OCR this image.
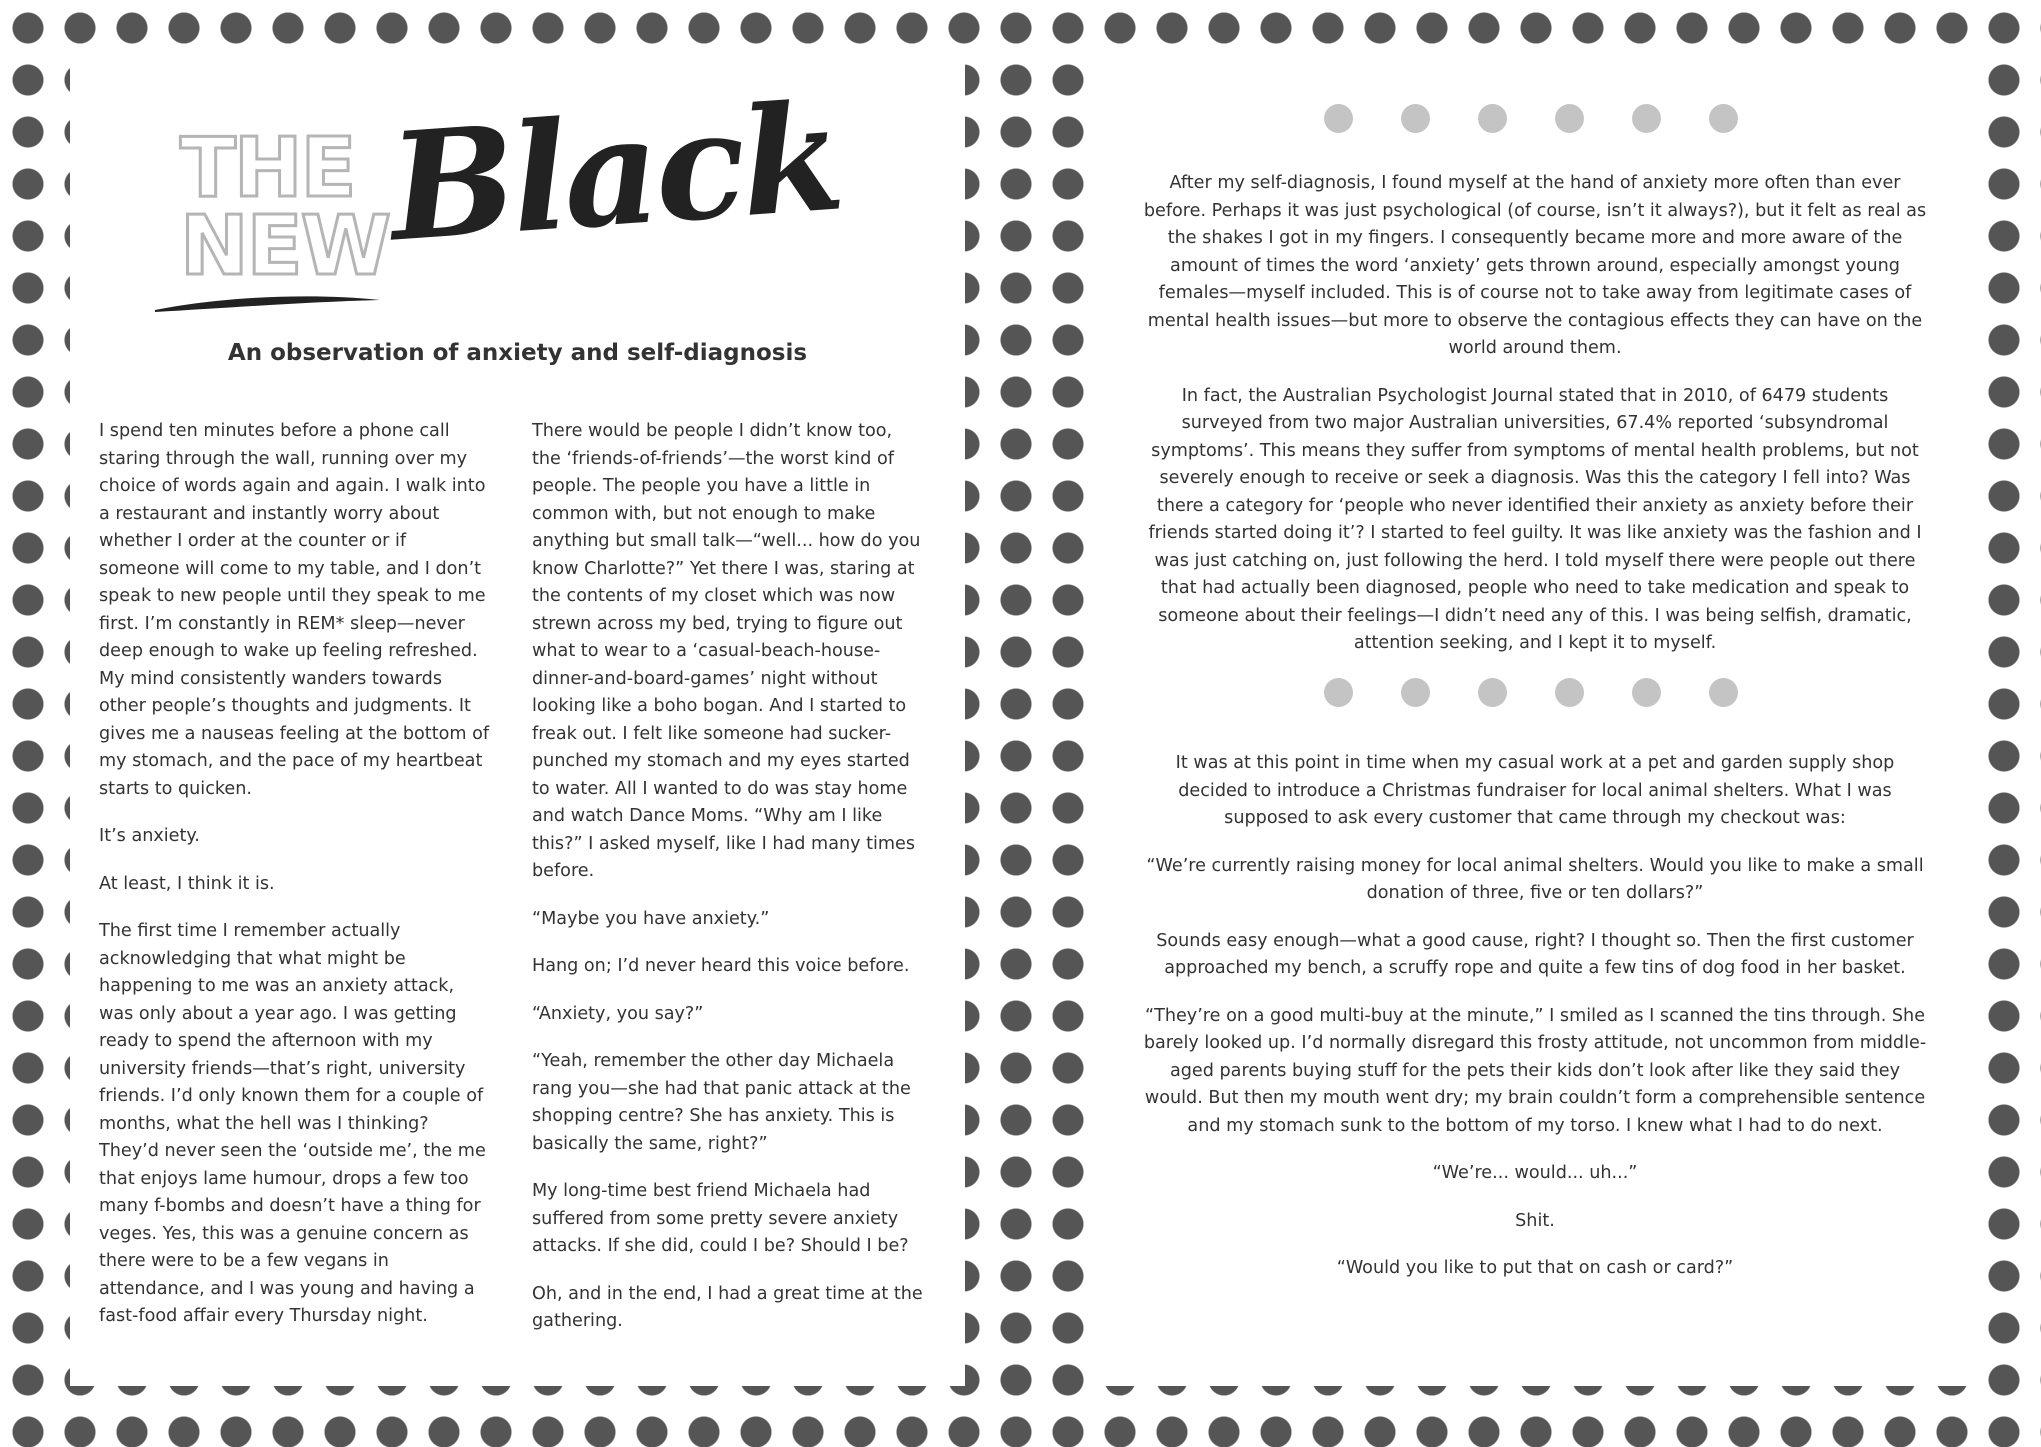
THE
NEW
Black
An observation of anxiety and self-diagnosis

I spend ten minutes before a phone call staring through the wall, running over my choice of words again and again. I walk into a restaurant and instantly worry about whether I order at the counter or if someone will come to my table, and I don’t speak to new people until they speak to me first. I’m constantly in REM* sleep—never deep enough to wake up feeling refreshed. My mind consistently wanders towards other people’s thoughts and judgments. It gives me a nauseas feeling at the bottom of my stomach, and the pace of my heartbeat starts to quicken.

It’s anxiety.

At least, I think it is.

The first time I remember actually acknowledging that what might be happening to me was an anxiety attack, was only about a year ago. I was getting ready to spend the afternoon with my university friends—that’s right, university friends. I’d only known them for a couple of months, what the hell was I thinking? They’d never seen the ‘outside me’, the me that enjoys lame humour, drops a few too many f-bombs and doesn’t have a thing for veges. Yes, this was a genuine concern as there were to be a few vegans in attendance, and I was young and having a fast-food affair every Thursday night.

There would be people I didn’t know too, the ‘friends-of-friends’—the worst kind of people. The people you have a little in common with, but not enough to make anything but small talk—“well... how do you know Charlotte?” Yet there I was, staring at the contents of my closet which was now strewn across my bed, trying to figure out what to wear to a ‘casual-beach-house-dinner-and-board-games’ night without looking like a boho bogan. And I started to freak out. I felt like someone had sucker-punched my stomach and my eyes started to water. All I wanted to do was stay home and watch Dance Moms. “Why am I like this?” I asked myself, like I had many times before.

“Maybe you have anxiety.”

Hang on; I’d never heard this voice before.

“Anxiety, you say?”

“Yeah, remember the other day Michaela rang you—she had that panic attack at the shopping centre? She has anxiety. This is basically the same, right?”

My long-time best friend Michaela had suffered from some pretty severe anxiety attacks. If she did, could I be? Should I be?

Oh, and in the end, I had a great time at the gathering.

After my self-diagnosis, I found myself at the hand of anxiety more often than ever before. Perhaps it was just psychological (of course, isn’t it always?), but it felt as real as the shakes I got in my fingers. I consequently became more and more aware of the amount of times the word ‘anxiety’ gets thrown around, especially amongst young females—myself included. This is of course not to take away from legitimate cases of mental health issues—but more to observe the contagious effects they can have on the world around them.

In fact, the Australian Psychologist Journal stated that in 2010, of 6479 students surveyed from two major Australian universities, 67.4% reported ‘subsyndromal symptoms’. This means they suffer from symptoms of mental health problems, but not severely enough to receive or seek a diagnosis. Was this the category I fell into? Was there a category for ‘people who never identified their anxiety as anxiety before their friends started doing it’? I started to feel guilty. It was like anxiety was the fashion and I was just catching on, just following the herd. I told myself there were people out there that had actually been diagnosed, people who need to take medication and speak to someone about their feelings—I didn’t need any of this. I was being selfish, dramatic, attention seeking, and I kept it to myself.

It was at this point in time when my casual work at a pet and garden supply shop decided to introduce a Christmas fundraiser for local animal shelters. What I was supposed to ask every customer that came through my checkout was:

“We’re currently raising money for local animal shelters. Would you like to make a small donation of three, five or ten dollars?”

Sounds easy enough—what a good cause, right? I thought so. Then the first customer approached my bench, a scruffy rope and quite a few tins of dog food in her basket.

“They’re on a good multi-buy at the minute,” I smiled as I scanned the tins through. She barely looked up. I’d normally disregard this frosty attitude, not uncommon from middle-aged parents buying stuff for the pets their kids don’t look after like they said they would. But then my mouth went dry; my brain couldn’t form a comprehensible sentence and my stomach sunk to the bottom of my torso. I knew what I had to do next.

“We’re... would... uh...”

Shit.

“Would you like to put that on cash or card?”
